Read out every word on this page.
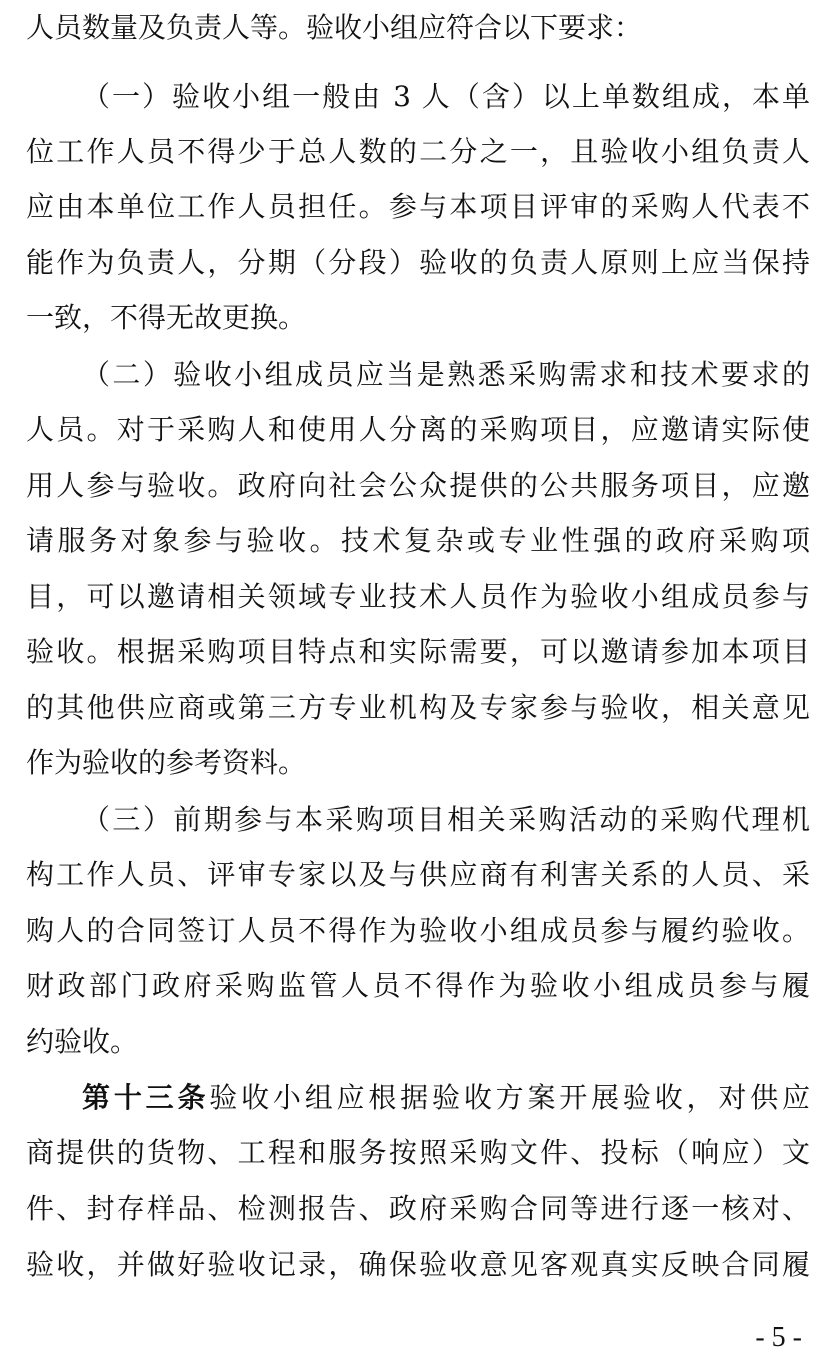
人员数量及负责人等。验收小组应符合以下要求：
（一）验收小组一般由 3 人（含）以上单数组成，本单
位工作人员不得少于总人数的二分之一，且验收小组负责人
应由本单位工作人员担任。参与本项目评审的采购人代表不
能作为负责人，分期（分段）验收的负责人原则上应当保持
一致，不得无故更换。
（二）验收小组成员应当是熟悉采购需求和技术要求的
人员。对于采购人和使用人分离的采购项目，应邀请实际使
用人参与验收。政府向社会公众提供的公共服务项目，应邀
请服务对象参与验收。技术复杂或专业性强的政府采购项
目，可以邀请相关领域专业技术人员作为验收小组成员参与
验收。根据采购项目特点和实际需要，可以邀请参加本项目
的其他供应商或第三方专业机构及专家参与验收，相关意见
作为验收的参考资料。
（三）前期参与本采购项目相关采购活动的采购代理机
构工作人员、评审专家以及与供应商有利害关系的人员、采
购人的合同签订人员不得作为验收小组成员参与履约验收。
财政部门政府采购监管人员不得作为验收小组成员参与履
约验收。
第十三条验收小组应根据验收方案开展验收，对供应
商提供的货物、工程和服务按照采购文件、投标（响应）文
件、封存样品、检测报告、政府采购合同等进行逐一核对、
验收，并做好验收记录，确保验收意见客观真实反映合同履
- 5 -
